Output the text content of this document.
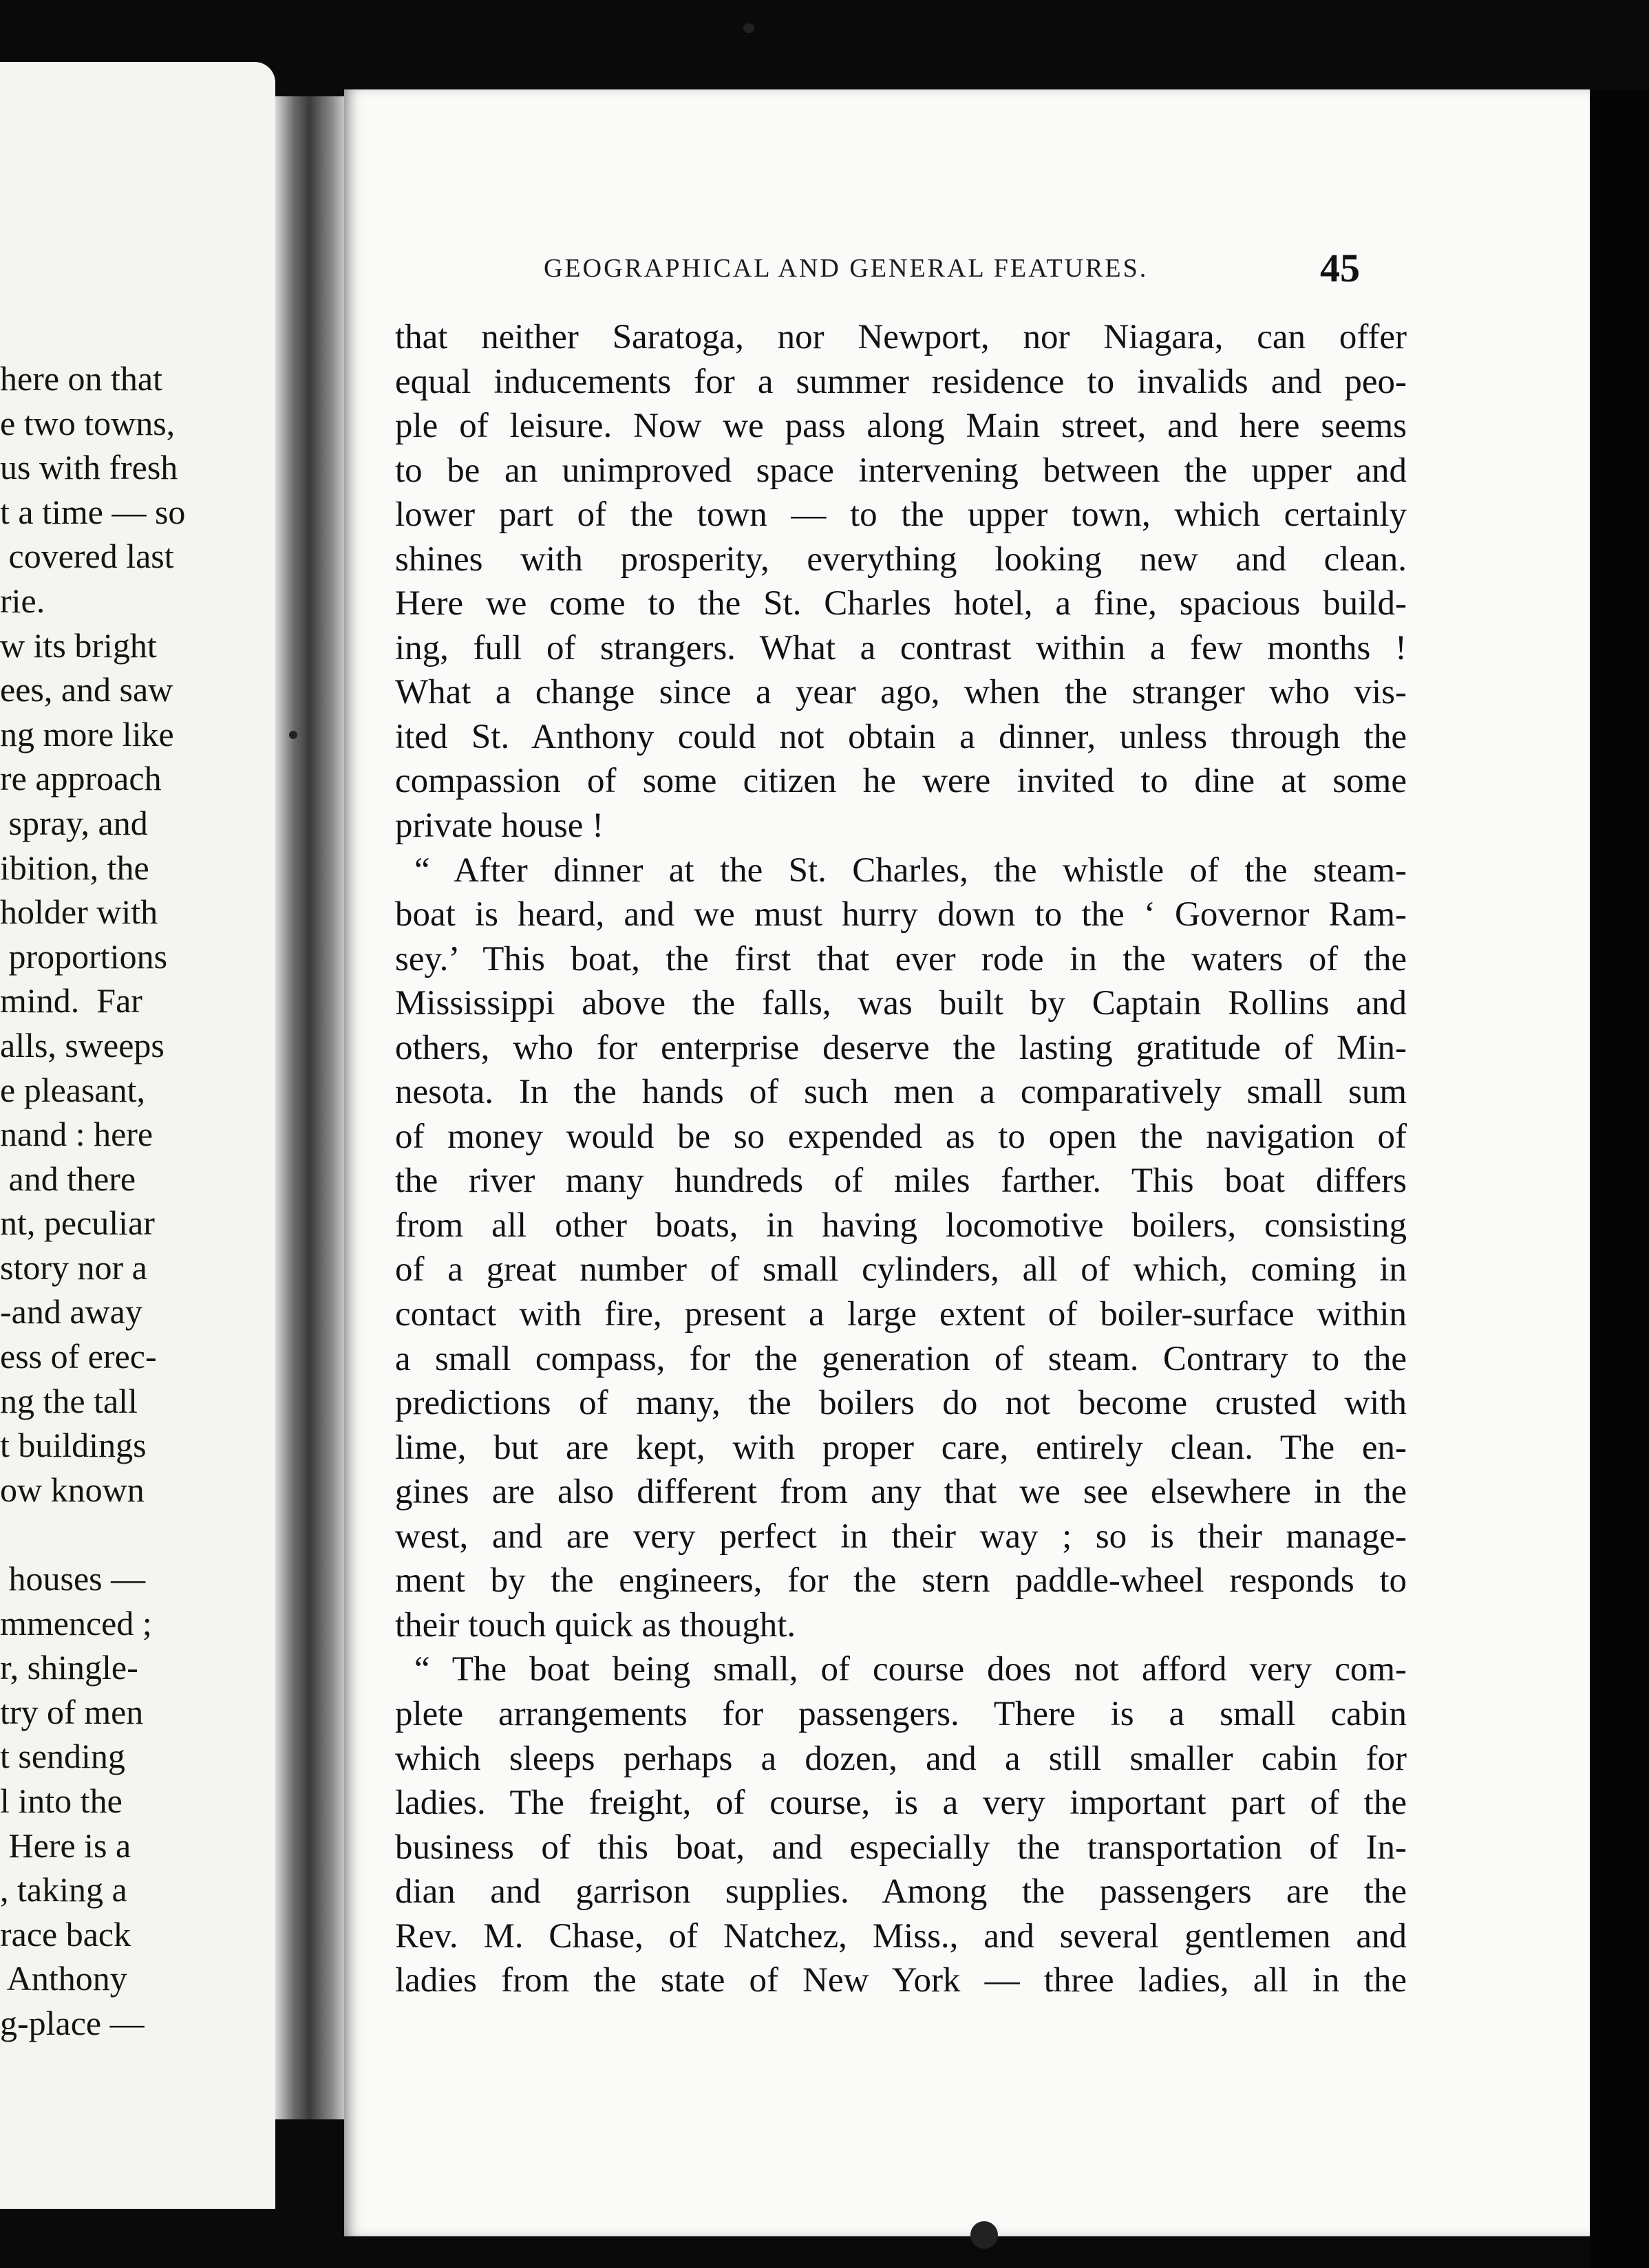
here on that
e two towns,
us with fresh
t a time — so
covered last
rie.
w its bright
ees, and saw
ng more like
re approach
spray, and
ibition, the
holder with
proportions
mind.  Far
alls, sweeps
e pleasant,
nand : here
and there
nt, peculiar
story nor a
-and away
ess of erec-
ng the tall
t buildings
ow known
houses —
mmenced ;
r, shingle-
try of men
t sending
l into the
Here is a
, taking a
race back
Anthony
g-place —
GEOGRAPHICAL AND GENERAL FEATURES.	45
that neither Saratoga, nor Newport, nor Niagara, can offer
equal inducements for a summer residence to invalids and peo-
ple of leisure. Now we pass along Main street, and here seems
to be an unimproved space intervening between the upper and
lower part of the town — to the upper town, which certainly
shines with prosperity, everything looking new and clean.
Here we come to the St. Charles hotel, a fine, spacious build-
ing, full of strangers. What a contrast within a few months !
What a change since a year ago, when the stranger who vis-
ited St. Anthony could not obtain a dinner, unless through the
compassion of some citizen he were invited to dine at some
private house !
“ After dinner at the St. Charles, the whistle of the steam-
boat is heard, and we must hurry down to the ‘ Governor Ram-
sey.’ This boat, the first that ever rode in the waters of the
Mississippi above the falls, was built by Captain Rollins and
others, who for enterprise deserve the lasting gratitude of Min-
nesota. In the hands of such men a comparatively small sum
of money would be so expended as to open the navigation of
the river many hundreds of miles farther. This boat differs
from all other boats, in having locomotive boilers, consisting
of a great number of small cylinders, all of which, coming in
contact with fire, present a large extent of boiler-surface within
a small compass, for the generation of steam. Contrary to the
predictions of many, the boilers do not become crusted with
lime, but are kept, with proper care, entirely clean. The en-
gines are also different from any that we see elsewhere in the
west, and are very perfect in their way ; so is their manage-
ment by the engineers, for the stern paddle-wheel responds to
their touch quick as thought.
“ The boat being small, of course does not afford very com-
plete arrangements for passengers. There is a small cabin
which sleeps perhaps a dozen, and a still smaller cabin for
ladies. The freight, of course, is a very important part of the
business of this boat, and especially the transportation of In-
dian and garrison supplies. Among the passengers are the
Rev. M. Chase, of Natchez, Miss., and several gentlemen and
ladies from the state of New York — three ladies, all in the
